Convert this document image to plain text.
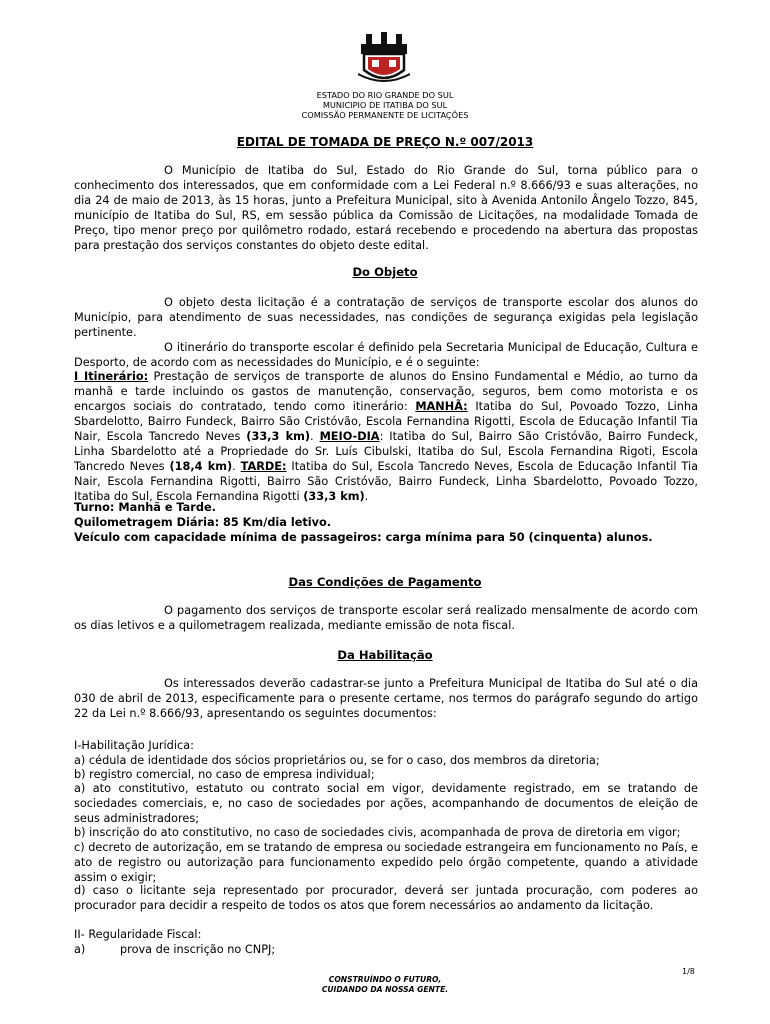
ESTADO DO RIO GRANDE DO SUL

MUNICIPIO DE ITATIBA DO SUL

COMISSÃO PERMANENTE DE LICITAÇÕES

EDITAL DE TOMADA DE PREÇO N.º 007/2013

O Município de Itatiba do Sul, Estado do Rio Grande do Sul, torna público para o conhecimento dos interessados, que em conformidade com a Lei Federal n.º 8.666/93 e suas alterações, no dia 24 de maio de 2013, às 15 horas, junto a Prefeitura Municipal, sito à Avenida Antonilo Ângelo Tozzo, 845, município de Itatiba do Sul, RS, em sessão pública da Comissão de Licitações, na modalidade Tomada de Preço, tipo menor preço por quilômetro rodado, estará recebendo e procedendo na abertura das propostas para prestação dos serviços constantes do objeto deste edital.

Do Objeto

O objeto desta licitação é a contratação de serviços de transporte escolar dos alunos do Município, para atendimento de suas necessidades, nas condições de segurança exigidas pela legislação pertinente.

O itinerário do transporte escolar é definido pela Secretaria Municipal de Educação, Cultura e Desporto, de acordo com as necessidades do Município, e é o seguinte:

I Itinerário: Prestação de serviços de transporte de alunos do Ensino Fundamental e Médio, ao turno da manhã e tarde incluindo os gastos de manutenção, conservação, seguros, bem como motorista e os encargos sociais do contratado, tendo como itinerário: MANHÃ: Itatiba do Sul, Povoado Tozzo, Linha Sbardelotto, Bairro Fundeck, Bairro São Cristóvão, Escola Fernandina Rigotti, Escola de Educação Infantil Tia Nair, Escola Tancredo Neves (33,3 km). MEIO-DIA: Itatiba do Sul, Bairro São Cristóvão, Bairro Fundeck, Linha Sbardelotto até a Propriedade do Sr. Luís Cibulski, Itatiba do Sul, Escola Fernandina Rigoti, Escola Tancredo Neves (18,4 km). TARDE: Itatiba do Sul, Escola Tancredo Neves, Escola de Educação Infantil Tia Nair, Escola Fernandina Rigotti, Bairro São Cristóvão, Bairro Fundeck, Linha Sbardelotto, Povoado Tozzo, Itatiba do Sul, Escola Fernandina Rigotti (33,3 km).

Turno: Manhã e Tarde.

Quilometragem Diária: 85 Km/dia letivo.

Veículo com capacidade mínima de passageiros: carga mínima para 50 (cinquenta) alunos.

Das Condições de Pagamento

O pagamento dos serviços de transporte escolar será realizado mensalmente de acordo com os dias letivos e a quilometragem realizada, mediante emissão de nota fiscal.

Da Habilitação

Os interessados deverão cadastrar-se junto a Prefeitura Municipal de Itatiba do Sul até o dia 030 de abril de 2013, especificamente para o presente certame, nos termos do parágrafo segundo do artigo 22 da Lei n.º 8.666/93, apresentando os seguintes documentos:

I-Habilitação Jurídica:

a) cédula de identidade dos sócios proprietários ou, se for o caso, dos membros da diretoria;

b) registro comercial, no caso de empresa individual;

a) ato constitutivo, estatuto ou contrato social em vigor, devidamente registrado, em se tratando de sociedades comerciais, e, no caso de sociedades por ações, acompanhando de documentos de eleição de seus administradores;

b) inscrição do ato constitutivo, no caso de sociedades civis, acompanhada de prova de diretoria em vigor;

c) decreto de autorização, em se tratando de empresa ou sociedade estrangeira em funcionamento no País, e ato de registro ou autorização para funcionamento expedido pelo órgão competente, quando a atividade assim o exigir;

d) caso o licitante seja representado por procurador, deverá ser juntada procuração, com poderes ao procurador para decidir a respeito de todos os atos que forem necessários ao andamento da licitação.

II- Regularidade Fiscal:

a)	prova de inscrição no CNPJ;

1/8

CONSTRUÍNDO O FUTURO,

CUIDANDO DA NOSSA GENTE.
